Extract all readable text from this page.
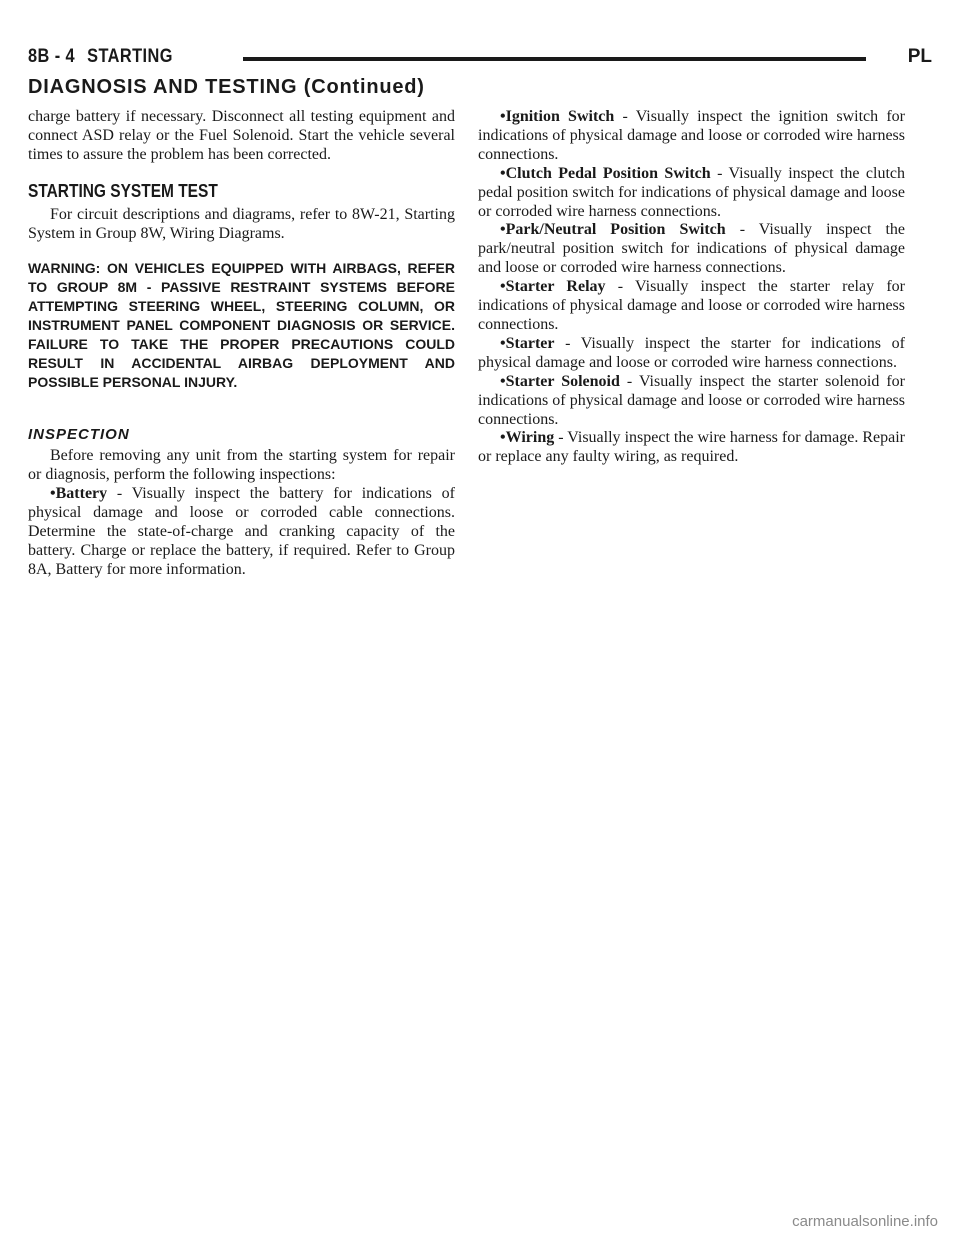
8B - 4 STARTING	PL
DIAGNOSIS AND TESTING (Continued)

charge battery if necessary. Disconnect all testing equipment and connect ASD relay or the Fuel Solenoid. Start the vehicle several times to assure the problem has been corrected.

STARTING SYSTEM TEST

For circuit descriptions and diagrams, refer to 8W-21, Starting System in Group 8W, Wiring Diagrams.

WARNING: ON VEHICLES EQUIPPED WITH AIRBAGS, REFER TO GROUP 8M - PASSIVE RESTRAINT SYSTEMS BEFORE ATTEMPTING STEERING WHEEL, STEERING COLUMN, OR INSTRUMENT PANEL COMPONENT DIAGNOSIS OR SERVICE. FAILURE TO TAKE THE PROPER PRECAUTIONS COULD RESULT IN ACCIDENTAL AIRBAG DEPLOYMENT AND POSSIBLE PERSONAL INJURY.

INSPECTION

Before removing any unit from the starting system for repair or diagnosis, perform the following inspections:

•Battery - Visually inspect the battery for indications of physical damage and loose or corroded cable connections. Determine the state-of-charge and cranking capacity of the battery. Charge or replace the battery, if required. Refer to Group 8A, Battery for more information.

•Ignition Switch - Visually inspect the ignition switch for indications of physical damage and loose or corroded wire harness connections.

•Clutch Pedal Position Switch - Visually inspect the clutch pedal position switch for indications of physical damage and loose or corroded wire harness connections.

•Park/Neutral Position Switch - Visually inspect the park/neutral position switch for indications of physical damage and loose or corroded wire harness connections.

•Starter Relay - Visually inspect the starter relay for indications of physical damage and loose or corroded wire harness connections.

•Starter - Visually inspect the starter for indications of physical damage and loose or corroded wire harness connections.

•Starter Solenoid - Visually inspect the starter solenoid for indications of physical damage and loose or corroded wire harness connections.

•Wiring - Visually inspect the wire harness for damage. Repair or replace any faulty wiring, as required.

carmanualsonline.info
